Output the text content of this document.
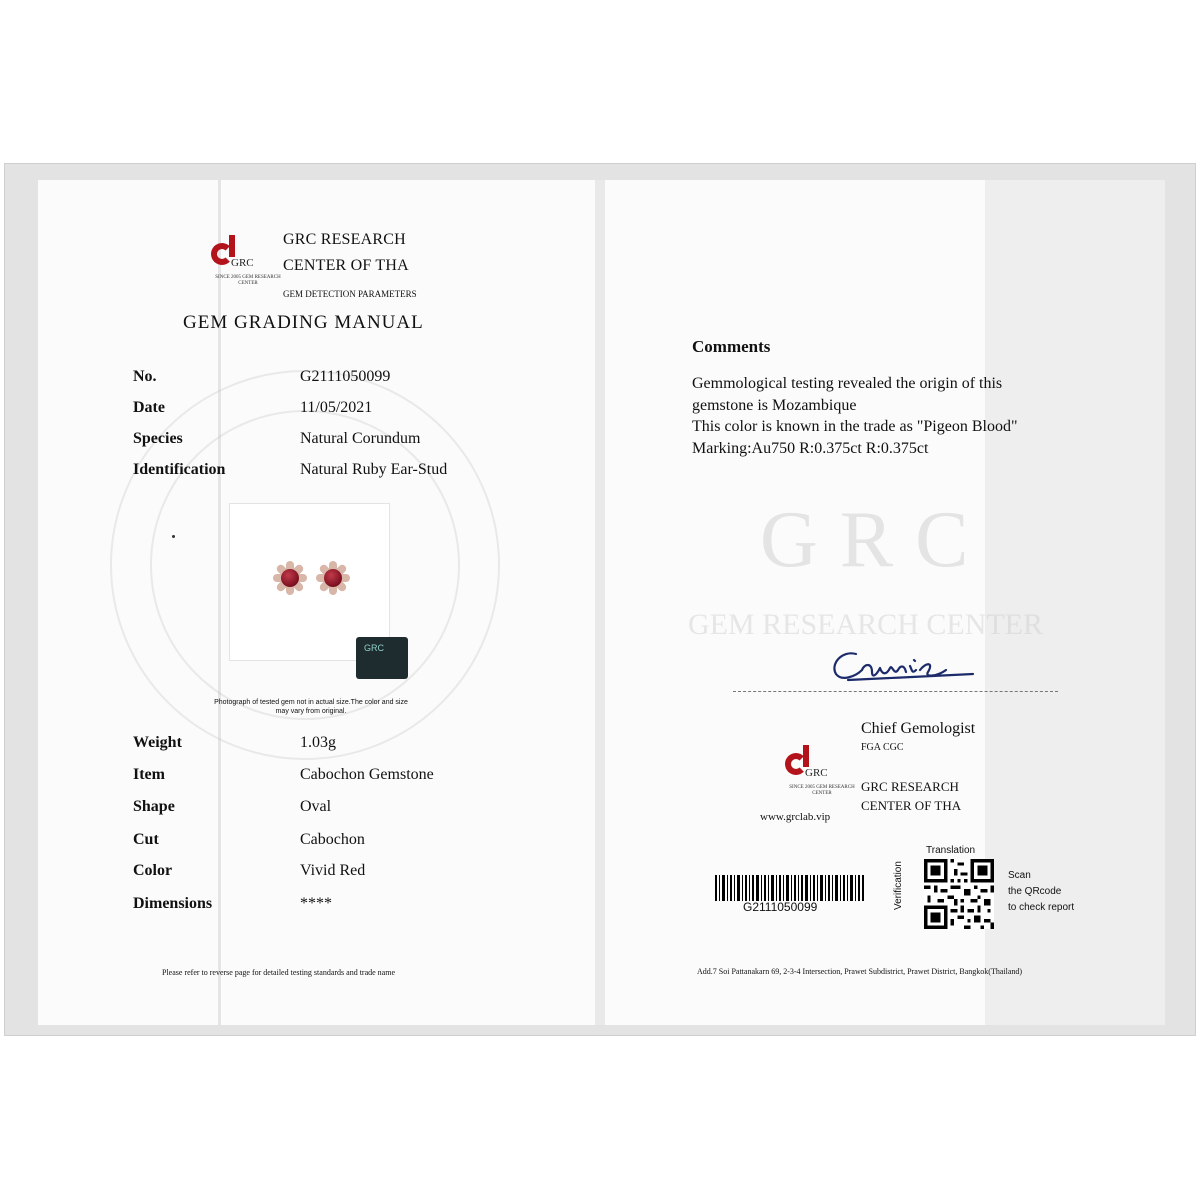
GRC
SINCE 2005 GEM RESEARCH CENTER
GRC RESEARCH
CENTER OF THA
GEM DETECTION PARAMETERS
GEM GRADING MANUAL
No.	G2111050099
Date	11/05/2021
Species	Natural Corundum
Identification	Natural Ruby Ear-Stud
GRC
Photograph of tested gem not in actual size.The color and size may vary from original.
Weight	1.03g
Item	Cabochon Gemstone
Shape	Oval
Cut	Cabochon
Color	Vivid Red
Dimensions	****
Please refer to reverse page for detailed testing standards and trade name
GRC
GEM RESEARCH CENTER
Comments
Gemmological testing revealed the origin of this
gemstone is Mozambique
This color is known in the trade as "Pigeon Blood"
Marking:Au750 R:0.375ct R:0.375ct
Chief Gemologist
FGA CGC
GRC
SINCE 2005 GEM RESEARCH CENTER	GRC RESEARCH
CENTER OF THA
www.grclab.vip
G2111050099	Verification
Translation
Scan
the QRcode
to check report
Add.7 Soi Pattanakarn 69, 2-3-4 Intersection, Prawet Subdistrict, Prawet District, Bangkok(Thailand)
